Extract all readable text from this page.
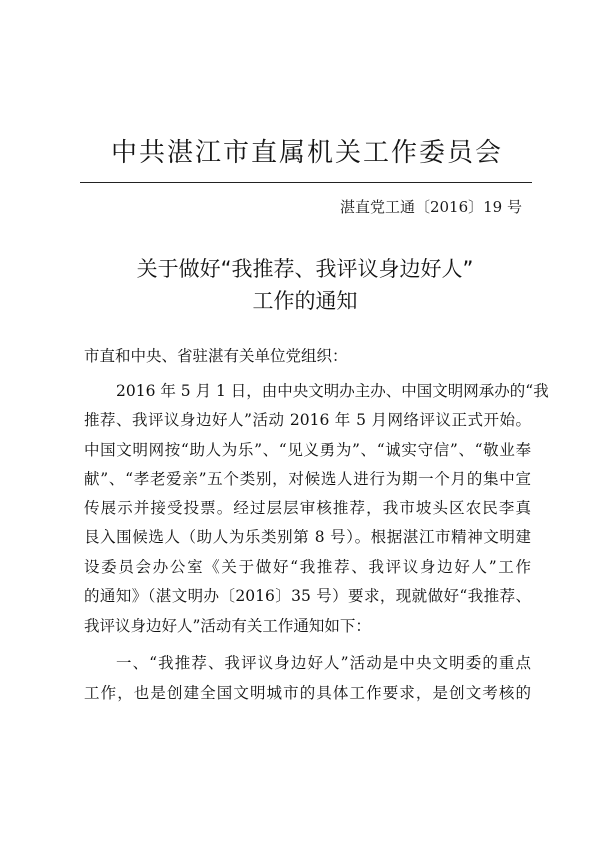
中共湛江市直属机关工作委员会
湛直党工通〔2016〕19 号
关于做好“我推荐、我评议身边好人”
工作的通知
市直和中央、省驻湛有关单位党组织：
2016 年 5 月 1 日，由中央文明办主办、中国文明网承办的“我
推荐、我评议身边好人”活动 2016 年 5 月网络评议正式开始。
中国文明网按“助人为乐”、“见义勇为”、“诚实守信”、“敬业奉
献”、“孝老爱亲”五个类别，对候选人进行为期一个月的集中宣
传展示并接受投票。经过层层审核推荐，我市坡头区农民李真
艮入围候选人（助人为乐类别第 8 号）。根据湛江市精神文明建
设委员会办公室《关于做好“我推荐、我评议身边好人”工作
的通知》（湛文明办〔2016〕35 号）要求，现就做好“我推荐、
我评议身边好人”活动有关工作通知如下：
一、“我推荐、我评议身边好人”活动是中央文明委的重点
工作，也是创建全国文明城市的具体工作要求，是创文考核的
